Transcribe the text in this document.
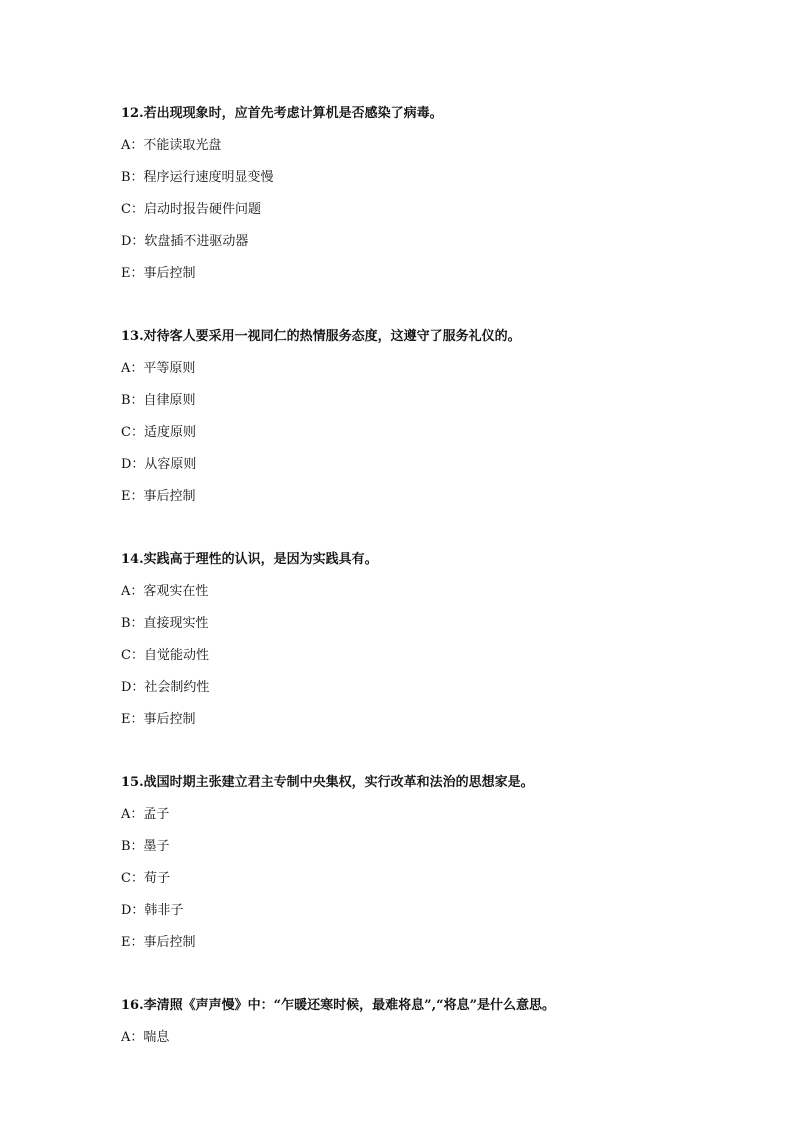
12.若出现现象时，应首先考虑计算机是否感染了病毒。

A：不能读取光盘
B：程序运行速度明显变慢
C：启动时报告硬件问题
D：软盘插不进驱动器
E：事后控制

13.对待客人要采用一视同仁的热情服务态度，这遵守了服务礼仪的。

A：平等原则
B：自律原则
C：适度原则
D：从容原则
E：事后控制

14.实践高于理性的认识，是因为实践具有。

A：客观实在性
B：直接现实性
C：自觉能动性
D：社会制约性
E：事后控制

15.战国时期主张建立君主专制中央集权，实行改革和法治的思想家是。

A：孟子
B：墨子
C：荀子
D：韩非子
E：事后控制

16.李清照《声声慢》中：“乍暖还寒时候，最难将息”,“将息”是什么意思。

A：喘息
